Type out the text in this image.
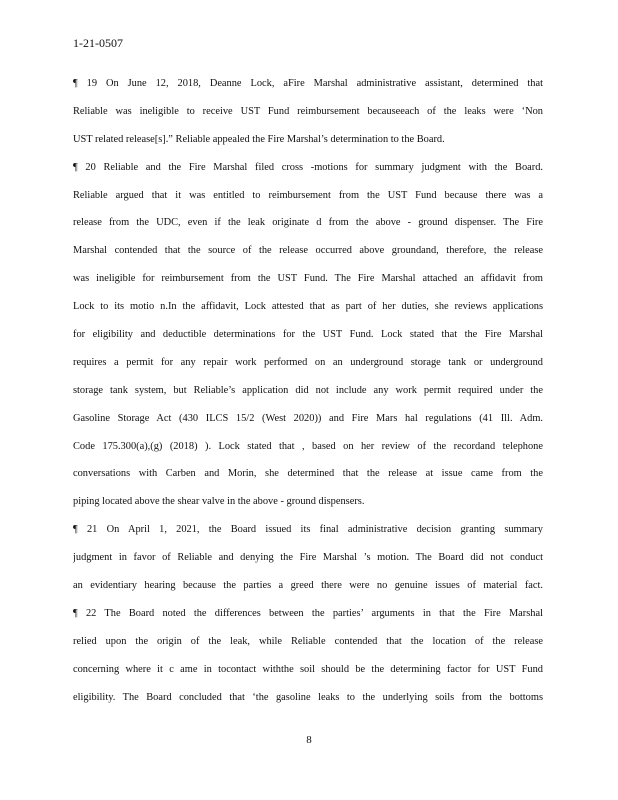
1-21-0507
¶ 19 On June 12, 2018, Deanne Lock, aFire Marshal administrative assistant, determined that
Reliable was ineligible to receive UST Fund reimbursement becauseeach of the leaks were ‘Non
UST related release[s].” Reliable appealed the Fire Marshal’s determination to the Board.
¶ 20 Reliable and the Fire Marshal filed cross -motions for summary judgment with the Board.
Reliable argued that it was entitled to reimbursement from the UST Fund because there was a
release from the UDC, even if the leak originate d from the above - ground dispenser. The Fire
Marshal contended that the source of the release occurred above groundand, therefore, the release
was ineligible for reimbursement from the UST Fund. The Fire Marshal attached an affidavit from
Lock to its motio n.In the affidavit, Lock attested that as part of her duties, she reviews applications
for eligibility and deductible determinations for the UST Fund. Lock stated that the Fire Marshal
requires a permit for any repair work performed on an underground storage tank or underground
storage tank system, but Reliable’s application did not include any work permit required under the
Gasoline Storage Act (430 ILCS 15/2 (West 2020)) and Fire Mars hal regulations (41 Ill. Adm.
Code 175.300(a),(g) (2018) ). Lock stated that , based on her review of the recordand telephone
conversations with Carben and Morin, she determined that the release at issue came from the
piping located above the shear valve in the above - ground dispensers.
¶ 21 On April 1, 2021, the Board issued its final administrative decision granting summary
judgment in favor of Reliable and denying the Fire Marshal ’s motion. The Board did not conduct
an evidentiary hearing because the parties a greed there were no genuine issues of material fact.
¶ 22 The Board noted the differences between the parties’ arguments in that the Fire Marshal
relied upon the origin of the leak, while Reliable contended that the location of the release
concerning where it c ame in tocontact withthe soil should be the determining factor for UST Fund
eligibility. The Board concluded that ‘the gasoline leaks to the underlying soils from the bottoms
8
